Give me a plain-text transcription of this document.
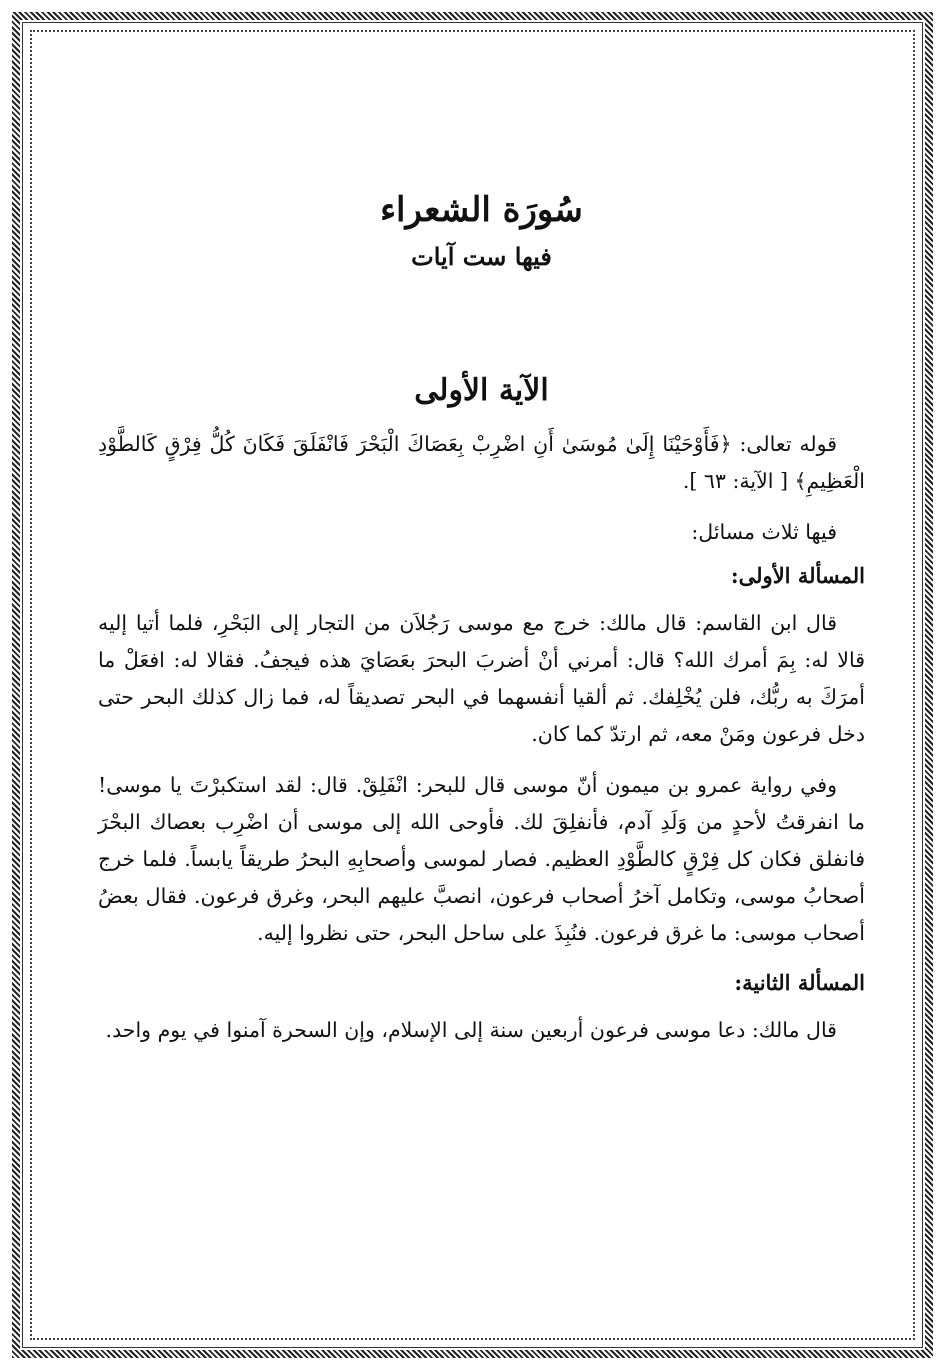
سُورَة الشعراء
فيها ست آيات
الآية الأولى

قوله تعالى: ﴿فَأَوْحَيْنَا إِلَىٰ مُوسَىٰ أَنِ اضْرِبْ بِعَصَاكَ الْبَحْرَ فَانْفَلَقَ فَكَانَ كُلُّ فِرْقٍ كَالطَّوْدِ الْعَظِيمِ﴾ [ الآية: ٦٣ ].

فيها ثلاث مسائل:

المسألة الأولى:

قال ابن القاسم: قال مالك: خرج مع موسى رَجُلاَن من التجار إلى البَحْرِ، فلما أتيا إليه قالا له: بِمَ أمرك الله؟ قال: أمرني أنْ أضربَ البحرَ بعَصَايَ هذه فيجفُ. فقالا له: افعَلْ ما أمرَكَ به ربُّك، فلن يُخْلِفك. ثم ألقيا أنفسهما في البحر تصديقاً له، فما زال كذلك البحر حتى دخل فرعون ومَنْ معه، ثم ارتدّ كما كان.

وفي رواية عمرو بن ميمون أنّ موسى قال للبحر: انْفَلِقْ. قال: لقد استكبرْتَ يا موسى! ما انفرقتُ لأحدٍ من وَلَدِ آدم، فأنفلِقَ لك. فأوحى الله إلى موسى أن اضْرِب بعصاك البحْرَ فانفلق فكان كل فِرْقٍ كالطَّوْدِ العظيم. فصار لموسى وأصحابِهِ البحرُ طريقاً يابساً. فلما خرج أصحابُ موسى، وتكامل آخرُ أصحاب فرعون، انصبَّ عليهم البحر، وغرق فرعون. فقال بعضُ أصحاب موسى: ما غرق فرعون. فنُبِذَ على ساحل البحر، حتى نظروا إليه.

المسألة الثانية:

قال مالك: دعا موسى فرعون أربعين سنة إلى الإسلام، وإن السحرة آمنوا في يوم واحد.
